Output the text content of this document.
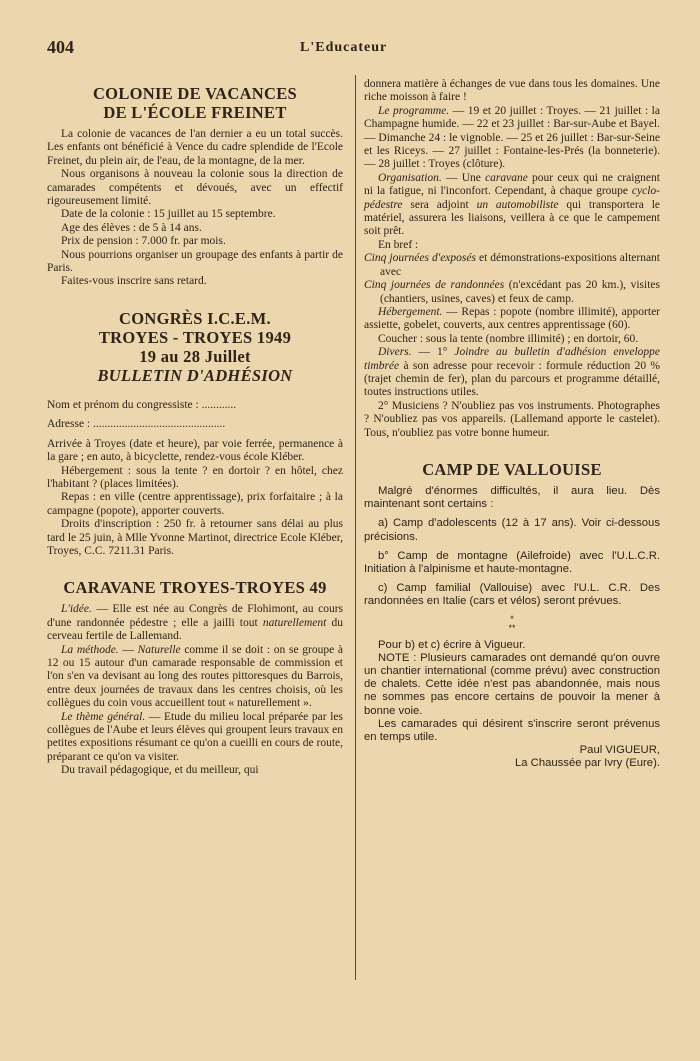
404	L'Educateur
COLONIE DE VACANCES
DE L'ÉCOLE FREINET

La colonie de vacances de l'an dernier a eu un total succès. Les enfants ont bénéficié à Vence du cadre splendide de l'Ecole Freinet, du plein air, de l'eau, de la montagne, de la mer.

Nous organisons à nouveau la colonie sous la direction de camarades compétents et dévoués, avec un effectif rigoureusement limité.

Date de la colonie : 15 juillet au 15 septembre.

Age des élèves : de 5 à 14 ans.

Prix de pension : 7.000 fr. par mois.

Nous pourrions organiser un groupage des enfants à partir de Paris.

Faites-vous inscrire sans retard.

CONGRÈS I.C.E.M.
TROYES - TROYES 1949
19 au 28 Juillet
BULLETIN D'ADHÉSION

Nom et prénom du congressiste : ............

Adresse : ..............................................

Arrivée à Troyes (date et heure), par voie ferrée, permanence à la gare ; en auto, à bicyclette, rendez-vous école Kléber.

Hébergement : sous la tente ? en dortoir ? en hôtel, chez l'habitant ? (places limitées).

Repas : en ville (centre apprentissage), prix forfaitaire ; à la campagne (popote), apporter couverts.

Droits d'inscription : 250 fr. à retourner sans délai au plus tard le 25 juin, à Mlle Yvonne Martinot, directrice Ecole Kléber, Troyes, C.C. 7211.31 Paris.

CARAVANE TROYES-TROYES 49

L'idée. — Elle est née au Congrès de Flohimont, au cours d'une randonnée pédestre ; elle a jailli tout naturellement du cerveau fertile de Lallemand.

La méthode. — Naturelle comme il se doit : on se groupe à 12 ou 15 autour d'un camarade responsable de commission et l'on s'en va devisant au long des routes pittoresques du Barrois, entre deux journées de travaux dans les centres choisis, où les collègues du coin vous accueillent tout « naturellement ».

Le thème général. — Etude du milieu local préparée par les collègues de l'Aube et leurs élèves qui groupent leurs travaux en petites expositions résumant ce qu'on a cueilli en cours de route, préparant ce qu'on va visiter.

Du travail pédagogique, et du meilleur, qui

donnera matière à échanges de vue dans tous les domaines. Une riche moisson à faire !

Le programme. — 19 et 20 juillet : Troyes. — 21 juillet : la Champagne humide. — 22 et 23 juillet : Bar-sur-Aube et Bayel. — Dimanche 24 : le vignoble. — 25 et 26 juillet : Bar-sur-Seine et les Riceys. — 27 juillet : Fontaine-les-Prés (la bonneterie). — 28 juillet : Troyes (clôture).

Organisation. — Une caravane pour ceux qui ne craignent ni la fatigue, ni l'inconfort. Cependant, à chaque groupe cyclo-pédestre sera adjoint un automobiliste qui transportera le matériel, assurera les liaisons, veillera à ce que le campement soit prêt.

En bref :

Cinq journées d'exposés et démonstrations-expositions alternant avec

Cinq journées de randonnées (n'excédant pas 20 km.), visites (chantiers, usines, caves) et feux de camp.

Hébergement. — Repas : popote (nombre illimité), apporter assiette, gobelet, couverts, aux centres apprentissage (60).

Coucher : sous la tente (nombre illimité) ; en dortoir, 60.

Divers. — 1° Joindre au bulletin d'adhésion enveloppe timbrée à son adresse pour recevoir : formule réduction 20 % (trajet chemin de fer), plan du parcours et programme détaillé, toutes instructions utiles.

2° Musiciens ? N'oubliez pas vos instruments. Photographes ? N'oubliez pas vos appareils. (Lallemand apporte le castelet). Tous, n'oubliez pas votre bonne humeur.

CAMP DE VALLOUISE

Malgré d'énormes difficultés, il aura lieu. Dès maintenant sont certains :

a) Camp d'adolescents (12 à 17 ans). Voir ci-dessous précisions.

b° Camp de montagne (Ailefroide) avec l'U.L.C.R. Initiation à l'alpinisme et haute-montagne.

c) Camp familial (Vallouise) avec l'U.L. C.R. Des randonnées en Italie (cars et vélos) seront prévues.

*
**

Pour b) et c) écrire à Vigueur.

NOTE : Plusieurs camarades ont demandé qu'on ouvre un chantier international (comme prévu) avec construction de chalets. Cette idée n'est pas abandonnée, mais nous ne sommes pas encore certains de pouvoir la mener à bonne voie.

Les camarades qui désirent s'inscrire seront prévenus en temps utile.

Paul VIGUEUR,

La Chaussée par Ivry (Eure).
